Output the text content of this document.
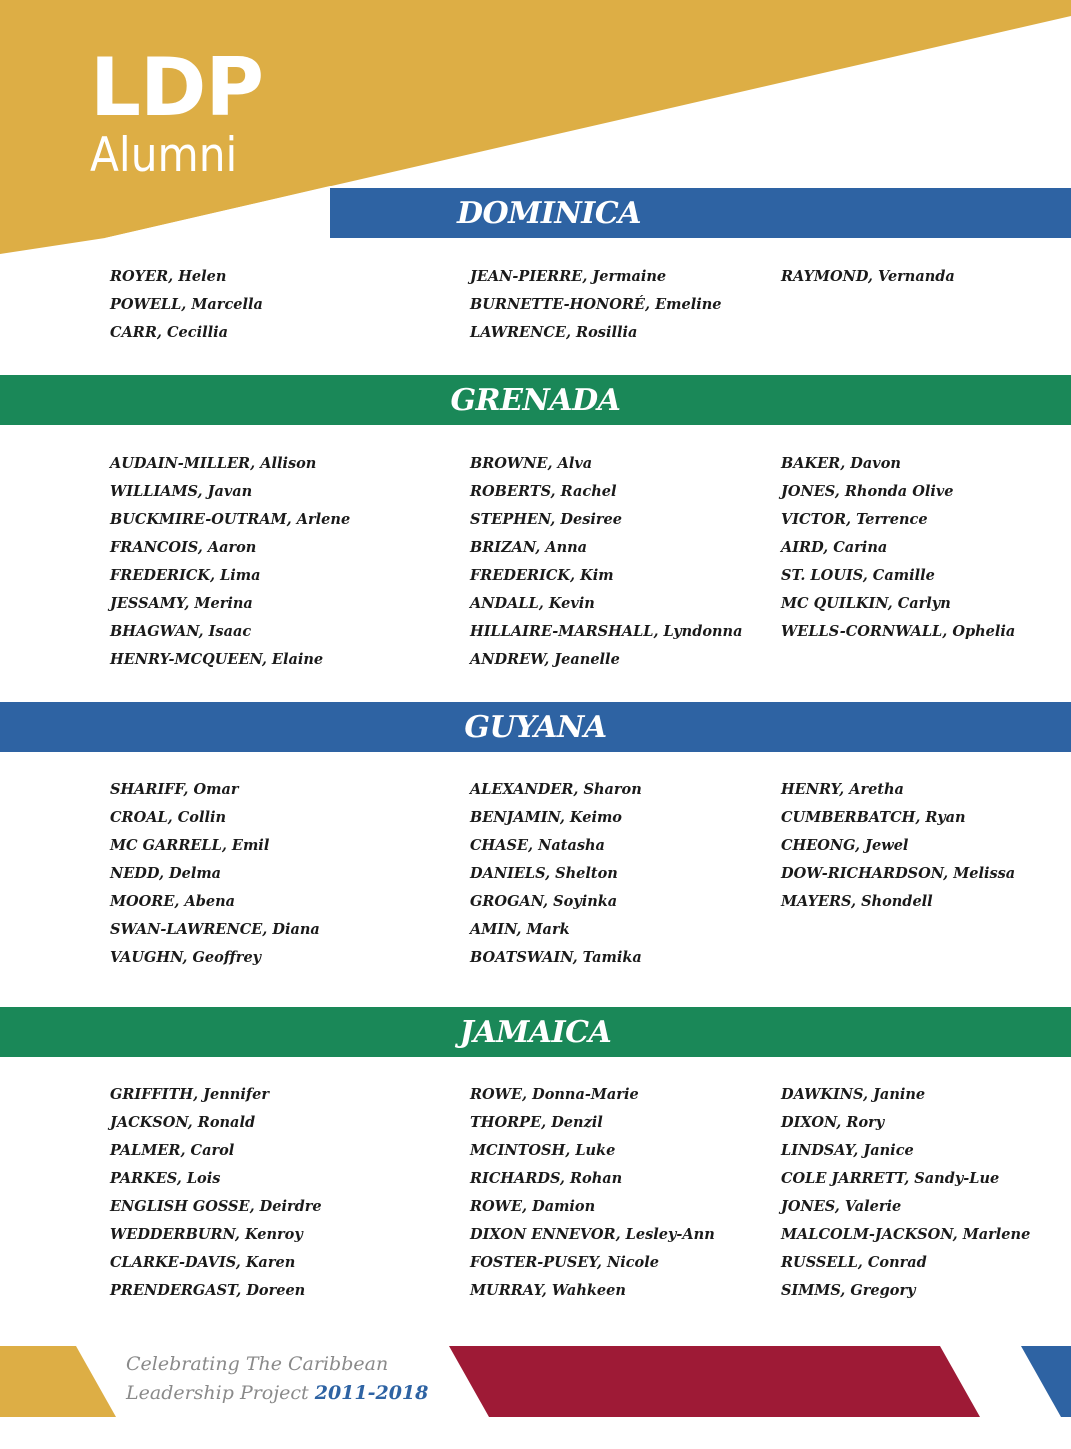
LDP
Alumni
DOMINICA
ROYER, Helen
POWELL, Marcella
CARR, Cecillia
JEAN-PIERRE, Jermaine
BURNETTE-HONORÉ, Emeline
LAWRENCE, Rosillia
RAYMOND, Vernanda
GRENADA
AUDAIN-MILLER, Allison
WILLIAMS, Javan
BUCKMIRE-OUTRAM, Arlene
FRANCOIS, Aaron
FREDERICK, Lima
JESSAMY, Merina
BHAGWAN, Isaac
HENRY-MCQUEEN, Elaine
BROWNE, Alva
ROBERTS, Rachel
STEPHEN, Desiree
BRIZAN, Anna
FREDERICK, Kim
ANDALL, Kevin
HILLAIRE-MARSHALL, Lyndonna
ANDREW, Jeanelle
BAKER, Davon
JONES, Rhonda Olive
VICTOR, Terrence
AIRD, Carina
ST. LOUIS, Camille
MC QUILKIN, Carlyn
WELLS-CORNWALL, Ophelia
GUYANA
SHARIFF, Omar
CROAL, Collin
MC GARRELL, Emil
NEDD, Delma
MOORE, Abena
SWAN-LAWRENCE, Diana
VAUGHN, Geoffrey
ALEXANDER, Sharon
BENJAMIN, Keimo
CHASE, Natasha
DANIELS, Shelton
GROGAN, Soyinka
AMIN, Mark
BOATSWAIN, Tamika
HENRY, Aretha
CUMBERBATCH, Ryan
CHEONG, Jewel
DOW-RICHARDSON, Melissa
MAYERS, Shondell
JAMAICA
GRIFFITH, Jennifer
JACKSON, Ronald
PALMER, Carol
PARKES, Lois
ENGLISH GOSSE, Deirdre
WEDDERBURN, Kenroy
CLARKE-DAVIS, Karen
PRENDERGAST, Doreen
ROWE, Donna-Marie
THORPE, Denzil
MCINTOSH, Luke
RICHARDS, Rohan
ROWE, Damion
DIXON ENNEVOR, Lesley-Ann
FOSTER-PUSEY, Nicole
MURRAY, Wahkeen
DAWKINS, Janine
DIXON, Rory
LINDSAY, Janice
COLE JARRETT, Sandy-Lue
JONES, Valerie
MALCOLM-JACKSON, Marlene
RUSSELL, Conrad
SIMMS, Gregory
Celebrating The Caribbean
Leadership Project 2011-2018
